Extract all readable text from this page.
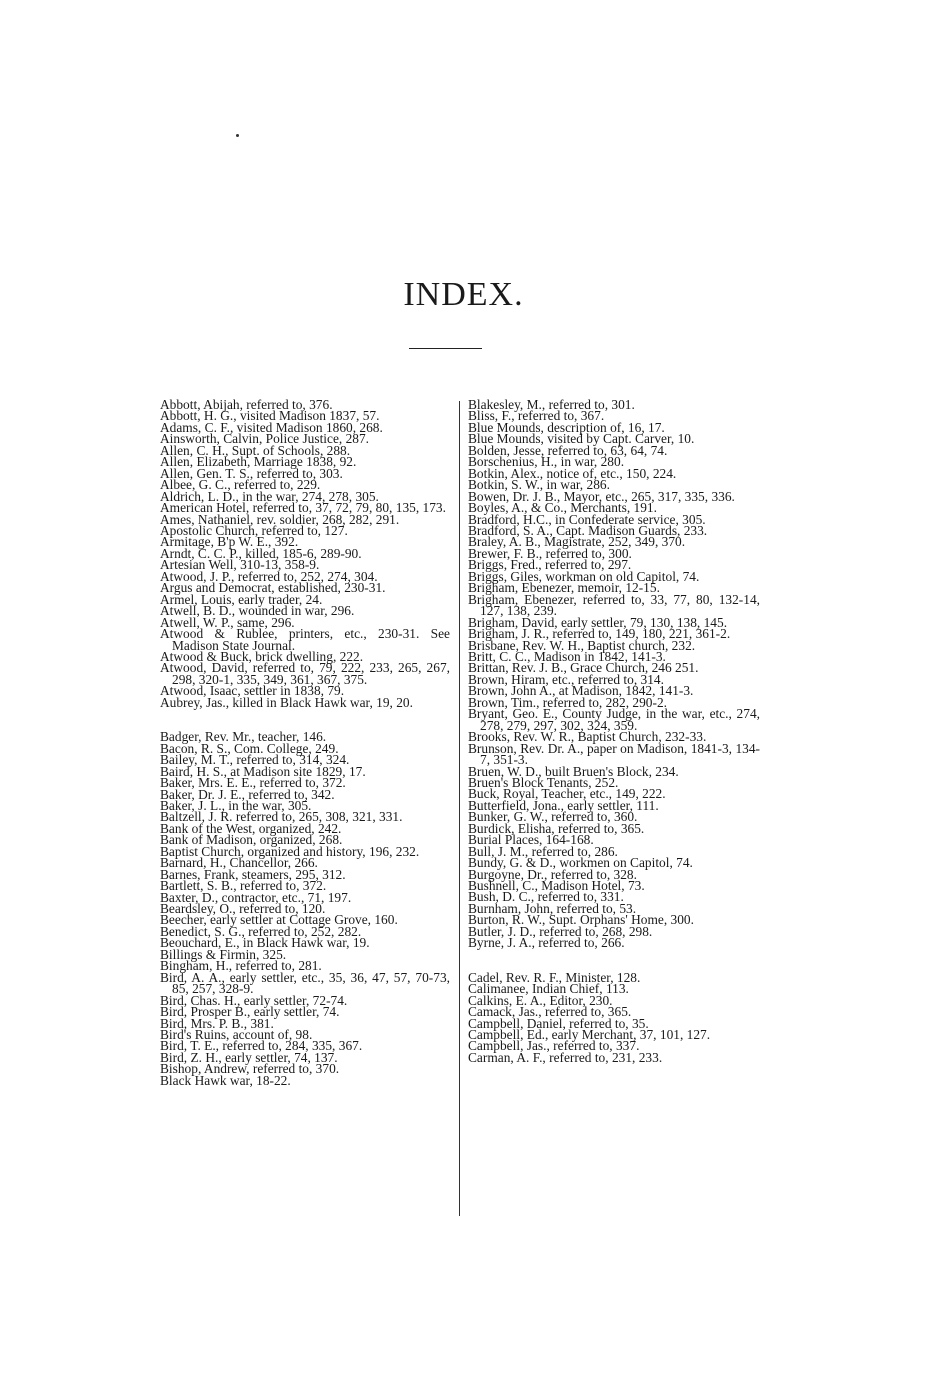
INDEX.
Abbott, Abijah, referred to, 376.
Abbott, H. G., visited Madison 1837, 57.
Adams, C. F., visited Madison 1860, 268.
Ainsworth, Calvin, Police Justice, 287.
Allen, C. H., Supt. of Schools, 288.
Allen, Elizabeth, Marriage 1838, 92.
Allen, Gen. T. S., referred to, 303.
Albee, G. C., referred to, 229.
Aldrich, L. D., in the war, 274, 278, 305.
American Hotel, referred to, 37, 72, 79, 80, 135, 173.
Ames, Nathaniel, rev. soldier, 268, 282, 291.
Apostolic Church, referred to, 127.
Armitage, B'p W. E., 392.
Arndt, C. C. P., killed, 185-6, 289-90.
Artesian Well, 310-13, 358-9.
Atwood, J. P., referred to, 252, 274, 304.
Argus and Democrat, established, 230-31.
Armel, Louis, early trader, 24.
Atwell, B. D., wounded in war, 296.
Atwell, W. P., same, 296.
Atwood & Rublee, printers, etc., 230-31. See Madison State Journal.
Atwood & Buck, brick dwelling, 222.
Atwood, David, referred to, 79, 222, 233, 265, 267, 298, 320-1, 335, 349, 361, 367, 375.
Atwood, Isaac, settler in 1838, 79.
Aubrey, Jas., killed in Black Hawk war, 19, 20.
Badger, Rev. Mr., teacher, 146.
Bacon, R. S., Com. College, 249.
Bailey, M. T., referred to, 314, 324.
Baird, H. S., at Madison site 1829, 17.
Baker, Mrs. E. E., referred to, 372.
Baker, Dr. J. E., referred to, 342.
Baker, J. L., in the war, 305.
Baltzell, J. R. referred to, 265, 308, 321, 331.
Bank of the West, organized, 242.
Bank of Madison, organized, 268.
Baptist Church, organized and history, 196, 232.
Barnard, H., Chancellor, 266.
Barnes, Frank, steamers, 295, 312.
Bartlett, S. B., referred to, 372.
Baxter, D., contractor, etc., 71, 197.
Beardsley, O., referred to, 120.
Beecher, early settler at Cottage Grove, 160.
Benedict, S. G., referred to, 252, 282.
Beouchard, E., in Black Hawk war, 19.
Billings & Firmin, 325.
Bingham, H., referred to, 281.
Bird, A. A., early settler, etc., 35, 36, 47, 57, 70-73, 85, 257, 328-9.
Bird, Chas. H., early settler, 72-74.
Bird, Prosper B., early settler, 74.
Bird, Mrs. P. B., 381.
Bird's Ruins, account of, 98.
Bird, T. E., referred to, 284, 335, 367.
Bird, Z. H., early settler, 74, 137.
Bishop, Andrew, referred to, 370.
Black Hawk war, 18-22.
Blakesley, M., referred to, 301.
Bliss, F., referred to, 367.
Blue Mounds, description of, 16, 17.
Blue Mounds, visited by Capt. Carver, 10.
Bolden, Jesse, referred to, 63, 64, 74.
Borschenius, H., in war, 280.
Botkin, Alex., notice of, etc., 150, 224.
Botkin, S. W., in war, 286.
Bowen, Dr. J. B., Mayor, etc., 265, 317, 335, 336.
Boyles, A., & Co., Merchants, 191.
Bradford, H.C., in Confederate service, 305.
Bradford, S. A., Capt. Madison Guards, 233.
Braley, A. B., Magistrate, 252, 349, 370.
Brewer, F. B., referred to, 300.
Briggs, Fred., referred to, 297.
Briggs, Giles, workman on old Capitol, 74.
Brigham, Ebenezer, memoir, 12-15.
Brigham, Ebenezer, referred to, 33, 77, 80, 132-14, 127, 138, 239.
Brigham, David, early settler, 79, 130, 138, 145.
Brigham, J. R., referred to, 149, 180, 221, 361-2.
Brisbane, Rev. W. H., Baptist church, 232.
Britt, C. C., Madison in 1842, 141-3.
Brittan, Rev. J. B., Grace Church, 246 251.
Brown, Hiram, etc., referred to, 314.
Brown, John A., at Madison, 1842, 141-3.
Brown, Tim., referred to, 282, 290-2.
Bryant, Geo. E., County Judge, in the war, etc., 274, 278, 279, 297, 302, 324, 359.
Brooks, Rev. W. R., Baptist Church, 232-33.
Brunson, Rev. Dr. A., paper on Madison, 1841-3, 134-7, 351-3.
Bruen, W. D., built Bruen's Block, 234.
Bruen's Block Tenants, 252.
Buck, Royal, Teacher, etc., 149, 222.
Butterfield, Jona., early settler, 111.
Bunker, G. W., referred to, 360.
Burdick, Elisha, referred to, 365.
Burial Places, 164-168.
Bull, J. M., referred to, 286.
Bundy, G. & D., workmen on Capitol, 74.
Burgoyne, Dr., referred to, 328.
Bushnell, C., Madison Hotel, 73.
Bush, D. C., referred to, 331.
Burnham, John, referred to, 53.
Burton, R. W., Supt. Orphans' Home, 300.
Butler, J. D., referred to, 268, 298.
Byrne, J. A., referred to, 266.
Cadel, Rev. R. F., Minister, 128.
Calimanee, Indian Chief, 113.
Calkins, E. A., Editor, 230.
Camack, Jas., referred to, 365.
Campbell, Daniel, referred to, 35.
Campbell, Ed., early Merchant, 37, 101, 127.
Campbell, Jas., referred to, 337.
Carman, A. F., referred to, 231, 233.
